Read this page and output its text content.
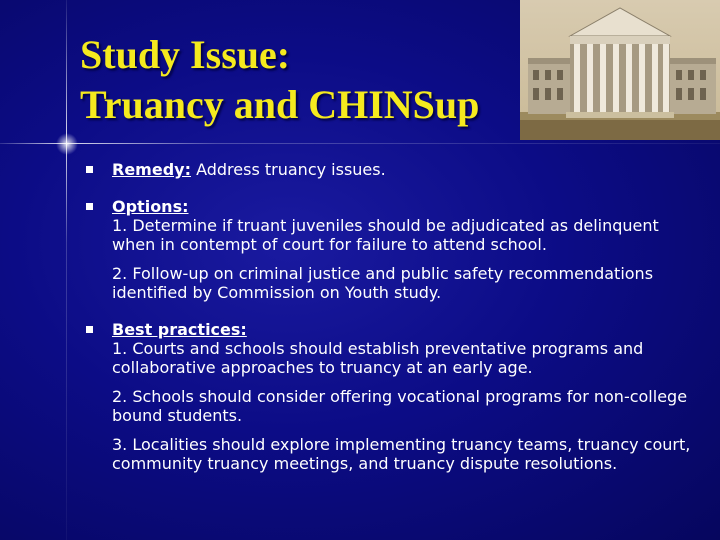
Study Issue:
Truancy and CHINSup
Remedy: Address truancy issues.
Options:
1. Determine if truant juveniles should be adjudicated as delinquent when in contempt of court for failure to attend school.
2. Follow-up on criminal justice and public safety recommendations identified by Commission on Youth study.
Best practices:
1. Courts and schools should establish preventative programs and collaborative approaches to truancy at an early age.
2. Schools should consider offering vocational programs for non-college bound students.
3. Localities should explore implementing truancy teams, truancy court, community truancy meetings, and truancy dispute resolutions.
